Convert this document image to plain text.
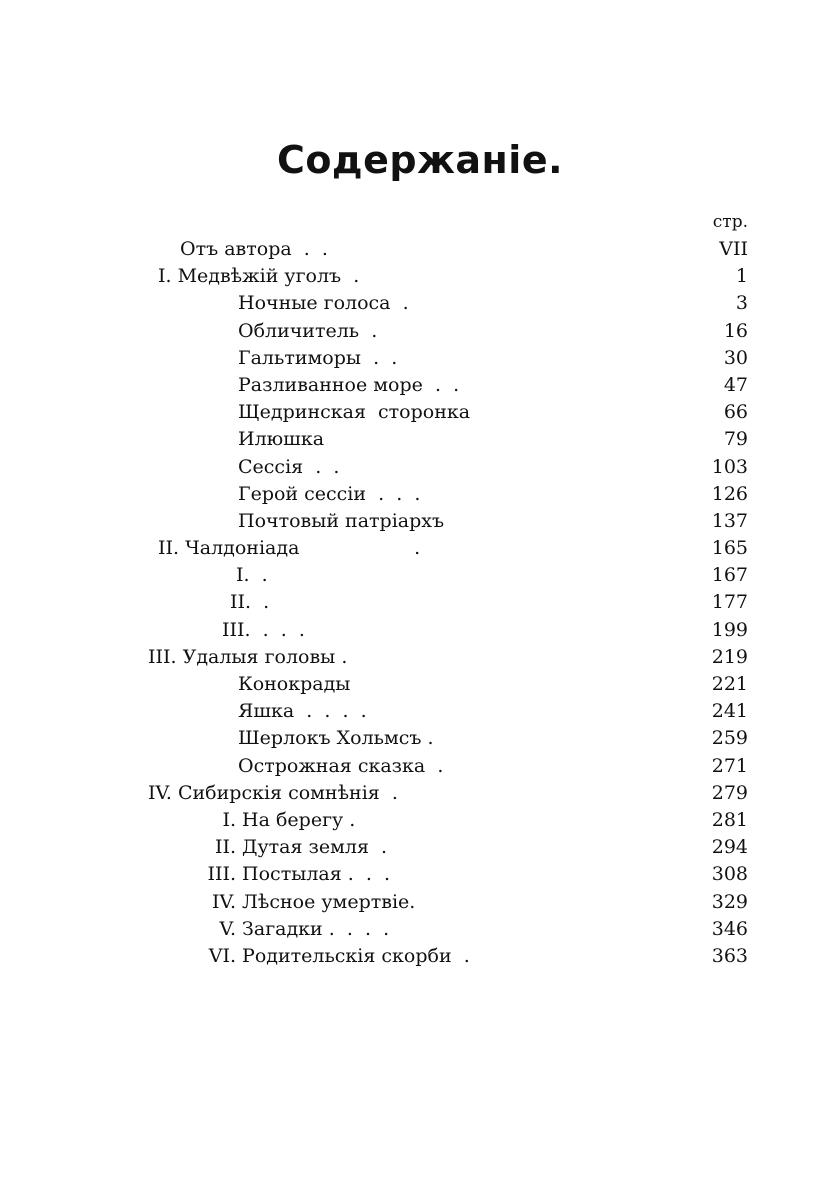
Содержаніе.
стр.
Отъ автора  .  .	VII
I. Медвѣжій уголъ  .	1
Ночные голоса  .	3
Обличитель  .	16
Гальтиморы  .  .	30
Разливанное море  .  .	47
Щедринская  сторонка	66
Илюшка	79
Сессія  .  .	103
Герой сессіи  .  .  .	126
Почтовый патріархъ	137
II. Чалдоніада                   .	165
I.  .	167
II.  .	177
III.  .  .  .	199
III. Удалыя головы .	219
Конокрады	221
Яшка  .  .  .  .	241
Шерлокъ Хольмсъ .	259
Острожная сказка  .	271
IV. Сибирскія сомнѣнія  .	279
I. На берегу .	281
II. Дутая земля  .	294
III. Постылая .  .  .	308
IV. Лѣсное умертвіе.	329
V. Загадки .  .  .  .	346
VI. Родительскія скорби  .	363
